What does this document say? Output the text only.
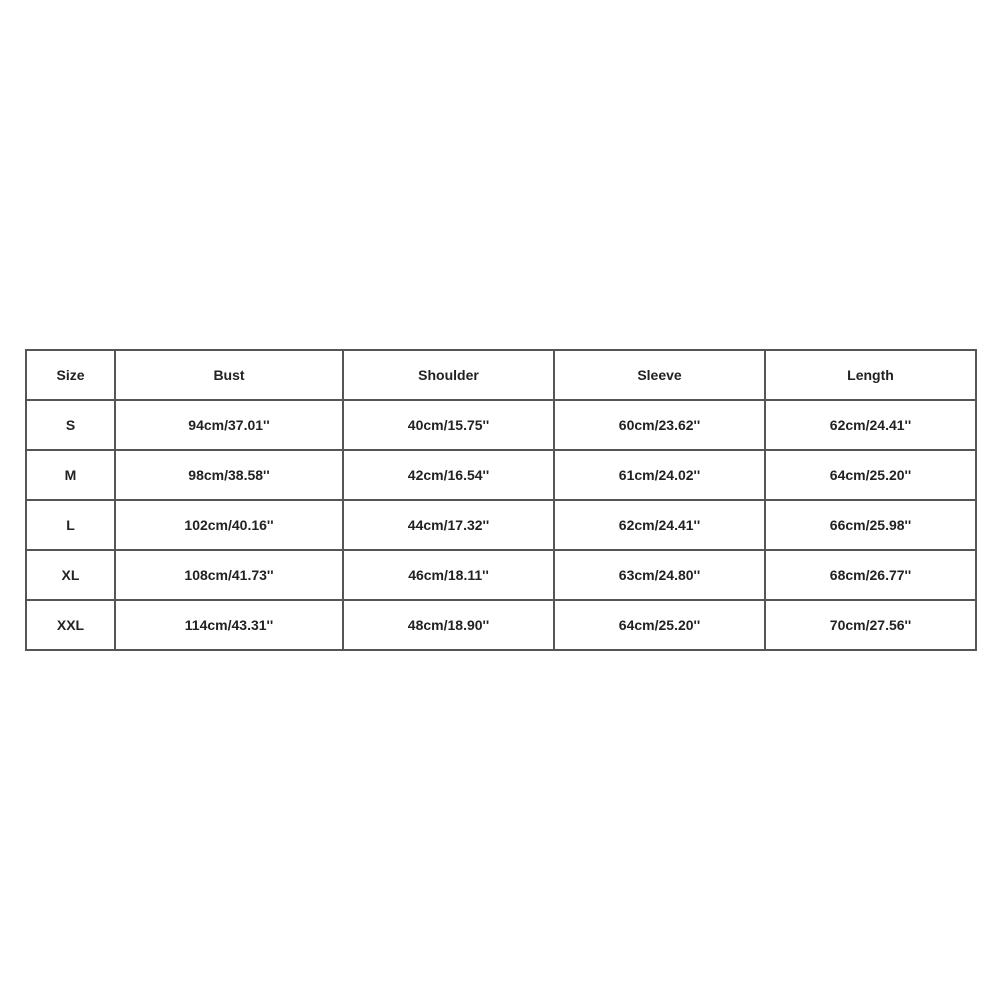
Size	Bust	Shoulder	Sleeve	Length
S	94cm/37.01''	40cm/15.75''	60cm/23.62''	62cm/24.41''
M	98cm/38.58''	42cm/16.54''	61cm/24.02''	64cm/25.20''
L	102cm/40.16''	44cm/17.32''	62cm/24.41''	66cm/25.98''
XL	108cm/41.73''	46cm/18.11''	63cm/24.80''	68cm/26.77''
XXL	114cm/43.31''	48cm/18.90''	64cm/25.20''	70cm/27.56''
